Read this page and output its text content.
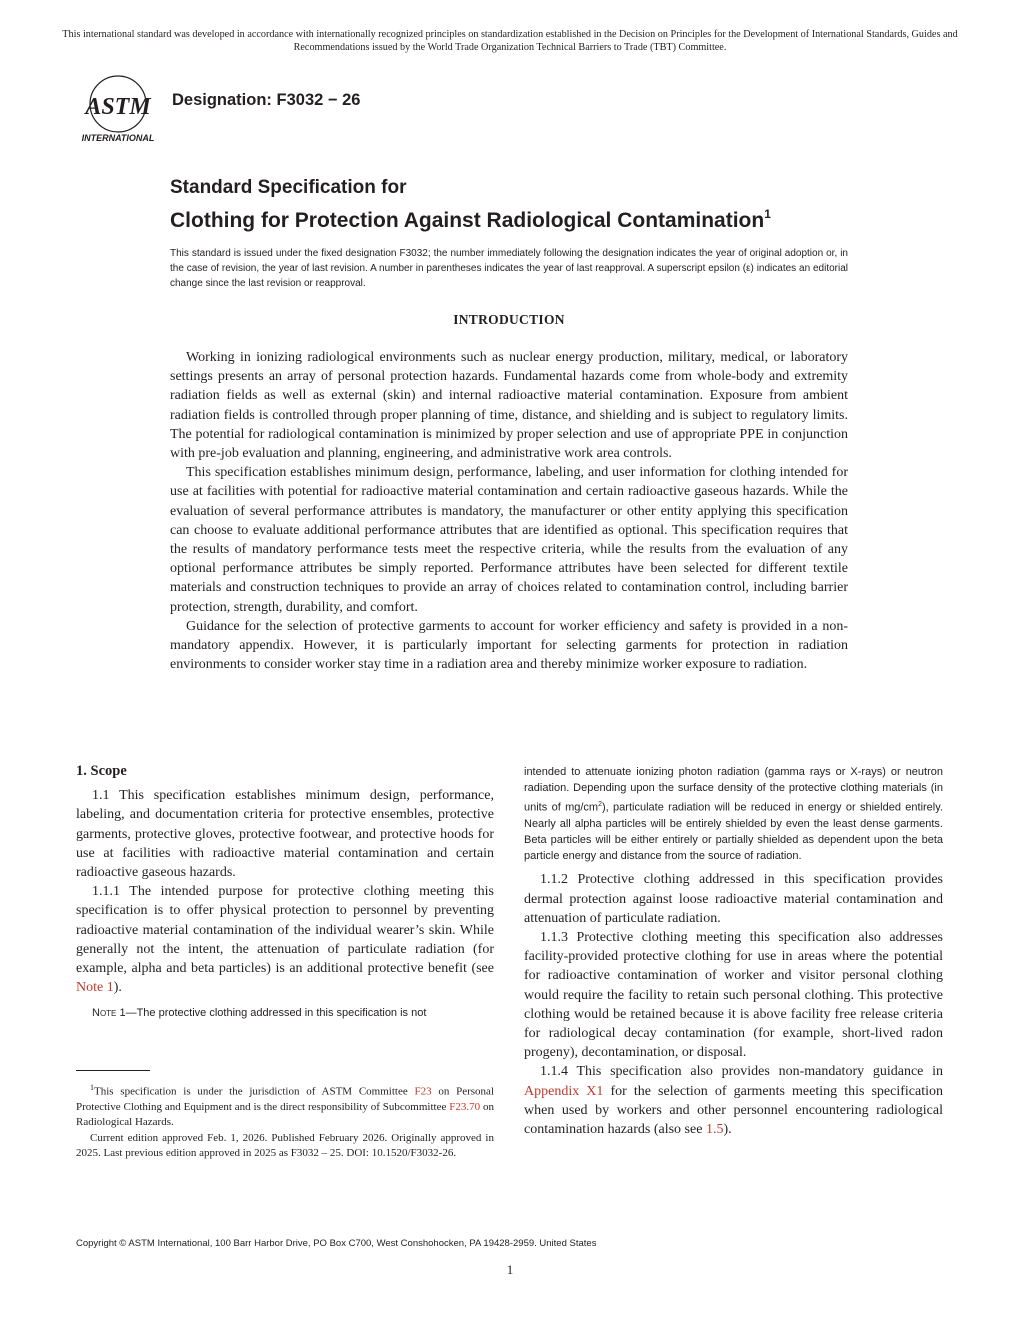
This international standard was developed in accordance with internationally recognized principles on standardization established in the Decision on Principles for the Development of International Standards, Guides and Recommendations issued by the World Trade Organization Technical Barriers to Trade (TBT) Committee.
ASTM
INTERNATIONAL
Designation: F3032 − 26
Standard Specification for
Clothing for Protection Against Radiological Contamination$^1$
This standard is issued under the fixed designation F3032; the number immediately following the designation indicates the year of original adoption or, in the case of revision, the year of last revision. A number in parentheses indicates the year of last reapproval. A superscript epsilon (ε) indicates an editorial change since the last revision or reapproval.
INTRODUCTION

Working in ionizing radiological environments such as nuclear energy production, military, medical, or laboratory settings presents an array of personal protection hazards. Fundamental hazards come from whole-body and extremity radiation fields as well as external (skin) and internal radioactive material contamination. Exposure from ambient radiation fields is controlled through proper planning of time, distance, and shielding and is subject to regulatory limits. The potential for radiological contamination is minimized by proper selection and use of appropriate PPE in conjunction with pre-job evaluation and planning, engineering, and administrative work area controls.

This specification establishes minimum design, performance, labeling, and user information for clothing intended for use at facilities with potential for radioactive material contamination and certain radioactive gaseous hazards. While the evaluation of several performance attributes is mandatory, the manufacturer or other entity applying this specification can choose to evaluate additional performance attributes that are identified as optional. This specification requires that the results of mandatory performance tests meet the respective criteria, while the results from the evaluation of any optional performance attributes be simply reported. Performance attributes have been selected for different textile materials and construction techniques to provide an array of choices related to contamination control, including barrier protection, strength, durability, and comfort.

Guidance for the selection of protective garments to account for worker efficiency and safety is provided in a non-mandatory appendix. However, it is particularly important for selecting garments for protection in radiation environments to consider worker stay time in a radiation area and thereby minimize worker exposure to radiation.

1. Scope

1.1 This specification establishes minimum design, performance, labeling, and documentation criteria for protective ensembles, protective garments, protective gloves, protective footwear, and protective hoods for use at facilities with radioactive material contamination and certain radioactive gaseous hazards.

1.1.1 The intended purpose for protective clothing meeting this specification is to offer physical protection to personnel by preventing radioactive material contamination of the individual wearer’s skin. While generally not the intent, the attenuation of particulate radiation (for example, alpha and beta particles) is an additional protective benefit (see Note 1).

Note 1—The protective clothing addressed in this specification is not

$^1$This specification is under the jurisdiction of ASTM Committee F23 on Personal Protective Clothing and Equipment and is the direct responsibility of Subcommittee F23.70 on Radiological Hazards.

Current edition approved Feb. 1, 2026. Published February 2026. Originally approved in 2025. Last previous edition approved in 2025 as F3032 – 25. DOI: 10.1520/F3032-26.

intended to attenuate ionizing photon radiation (gamma rays or X-rays) or neutron radiation. Depending upon the surface density of the protective clothing materials (in units of $mg/cm^2$), particulate radiation will be reduced in energy or shielded entirely. Nearly all alpha particles will be entirely shielded by even the least dense garments. Beta particles will be either entirely or partially shielded as dependent upon the beta particle energy and distance from the source of radiation.

1.1.2 Protective clothing addressed in this specification provides dermal protection against loose radioactive material contamination and attenuation of particulate radiation.

1.1.3 Protective clothing meeting this specification also addresses facility-provided protective clothing for use in areas where the potential for radioactive contamination of worker and visitor personal clothing would require the facility to retain such personal clothing. This protective clothing would be retained because it is above facility free release criteria for radiological decay contamination (for example, short-lived radon progeny), decontamination, or disposal.

1.1.4 This specification also provides non-mandatory guidance in Appendix X1 for the selection of garments meeting this specification when used by workers and other personnel encountering radiological contamination hazards (also see 1.5).

Copyright © ASTM International, 100 Barr Harbor Drive, PO Box C700, West Conshohocken, PA 19428-2959. United States
1
